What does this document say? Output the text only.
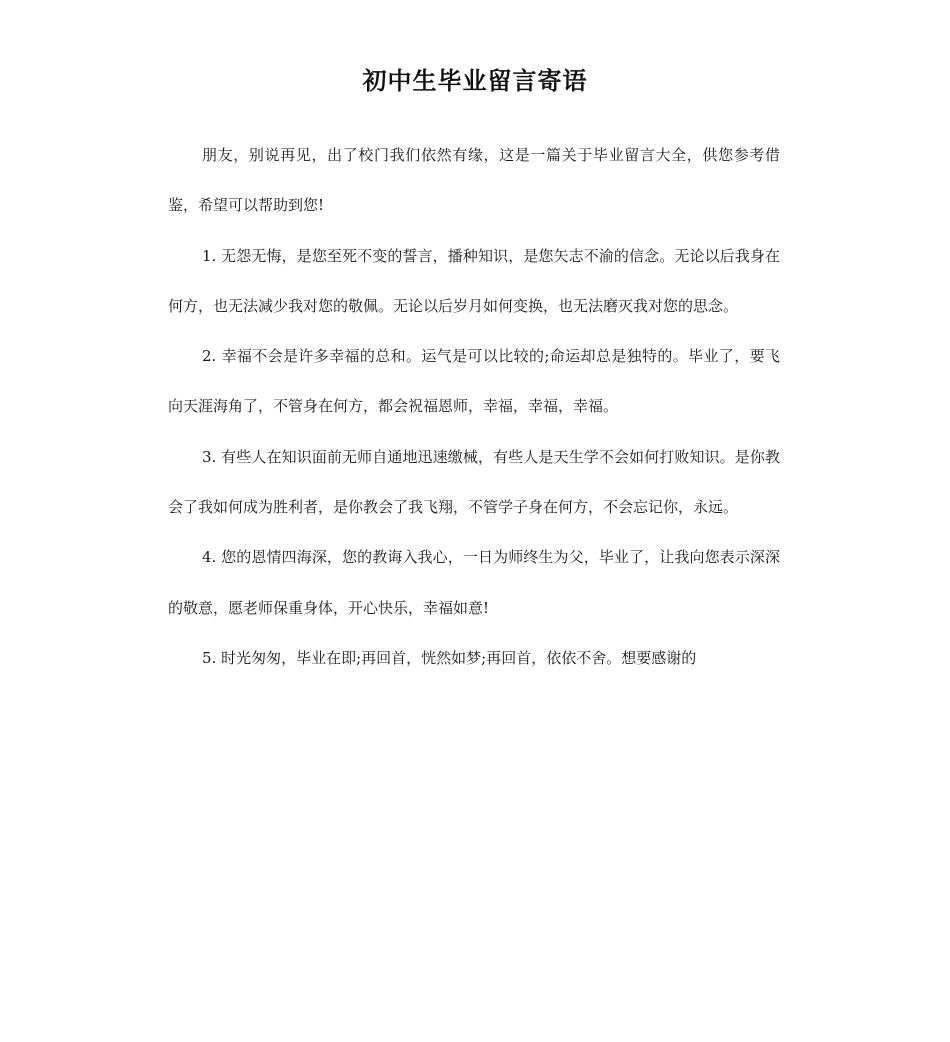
初中生毕业留言寄语

朋友，别说再见，出了校门我们依然有缘，这是一篇关于毕业留言大全，供您参考借鉴，希望可以帮助到您!

1. 无怨无悔，是您至死不变的誓言，播种知识，是您矢志不渝的信念。无论以后我身在何方，也无法减少我对您的敬佩。无论以后岁月如何变换，也无法磨灭我对您的思念。

2. 幸福不会是许多幸福的总和。运气是可以比较的;命运却总是独特的。毕业了，要飞向天涯海角了，不管身在何方，都会祝福恩师，幸福，幸福，幸福。

3. 有些人在知识面前无师自通地迅速缴械，有些人是天生学不会如何打败知识。是你教会了我如何成为胜利者，是你教会了我飞翔，不管学子身在何方，不会忘记你，永远。

4. 您的恩情四海深，您的教诲入我心，一日为师终生为父，毕业了，让我向您表示深深的敬意，愿老师保重身体，开心快乐，幸福如意!

5. 时光匆匆，毕业在即;再回首，恍然如梦;再回首，依依不舍。想要感谢的
